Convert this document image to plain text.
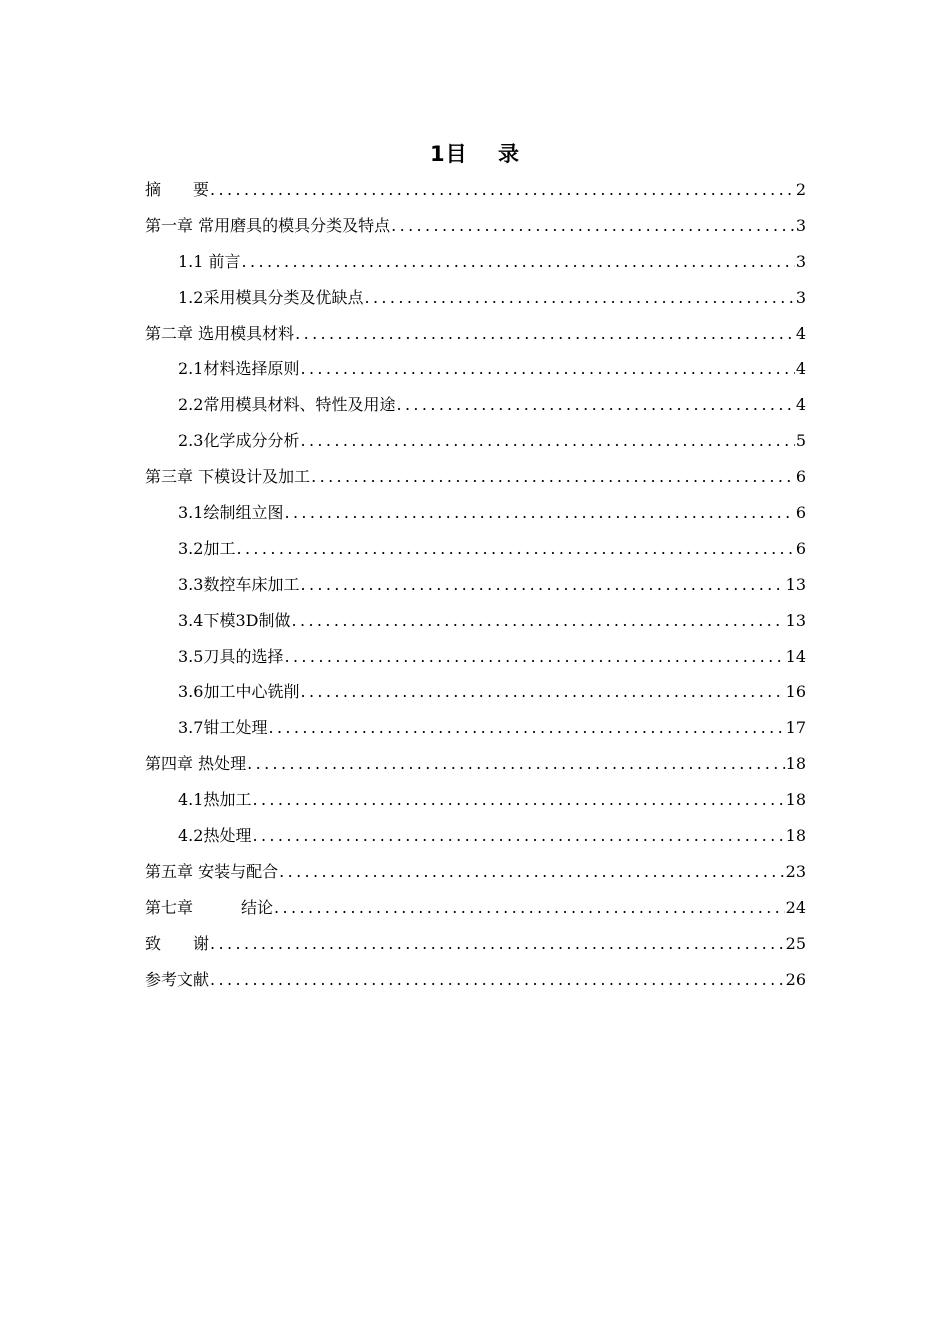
1目　 录
摘　　要 .....	2
第一章 常用磨具的模具分类及特点 .....	3
1.1 前言 .....	3
1.2采用模具分类及优缺点 .....	3
第二章 选用模具材料 .....	4
2.1材料选择原则 .....	4
2.2常用模具材料、特性及用途 .....	4
2.3化学成分分析 .....	5
第三章 下模设计及加工 .....	6
3.1绘制组立图 .....	6
3.2加工 .....	6
3.3数控车床加工 .....	13
3.4下模3D制做 .....	13
3.5刀具的选择 .....	14
3.6加工中心铣削 .....	16
3.7钳工处理 .....	17
第四章 热处理 .....	18
4.1热加工 .....	18
4.2热处理 .....	18
第五章 安装与配合 .....	23
第七章　　　结论 .....	24
致　　谢 .....	25
参考文献 .....	26
